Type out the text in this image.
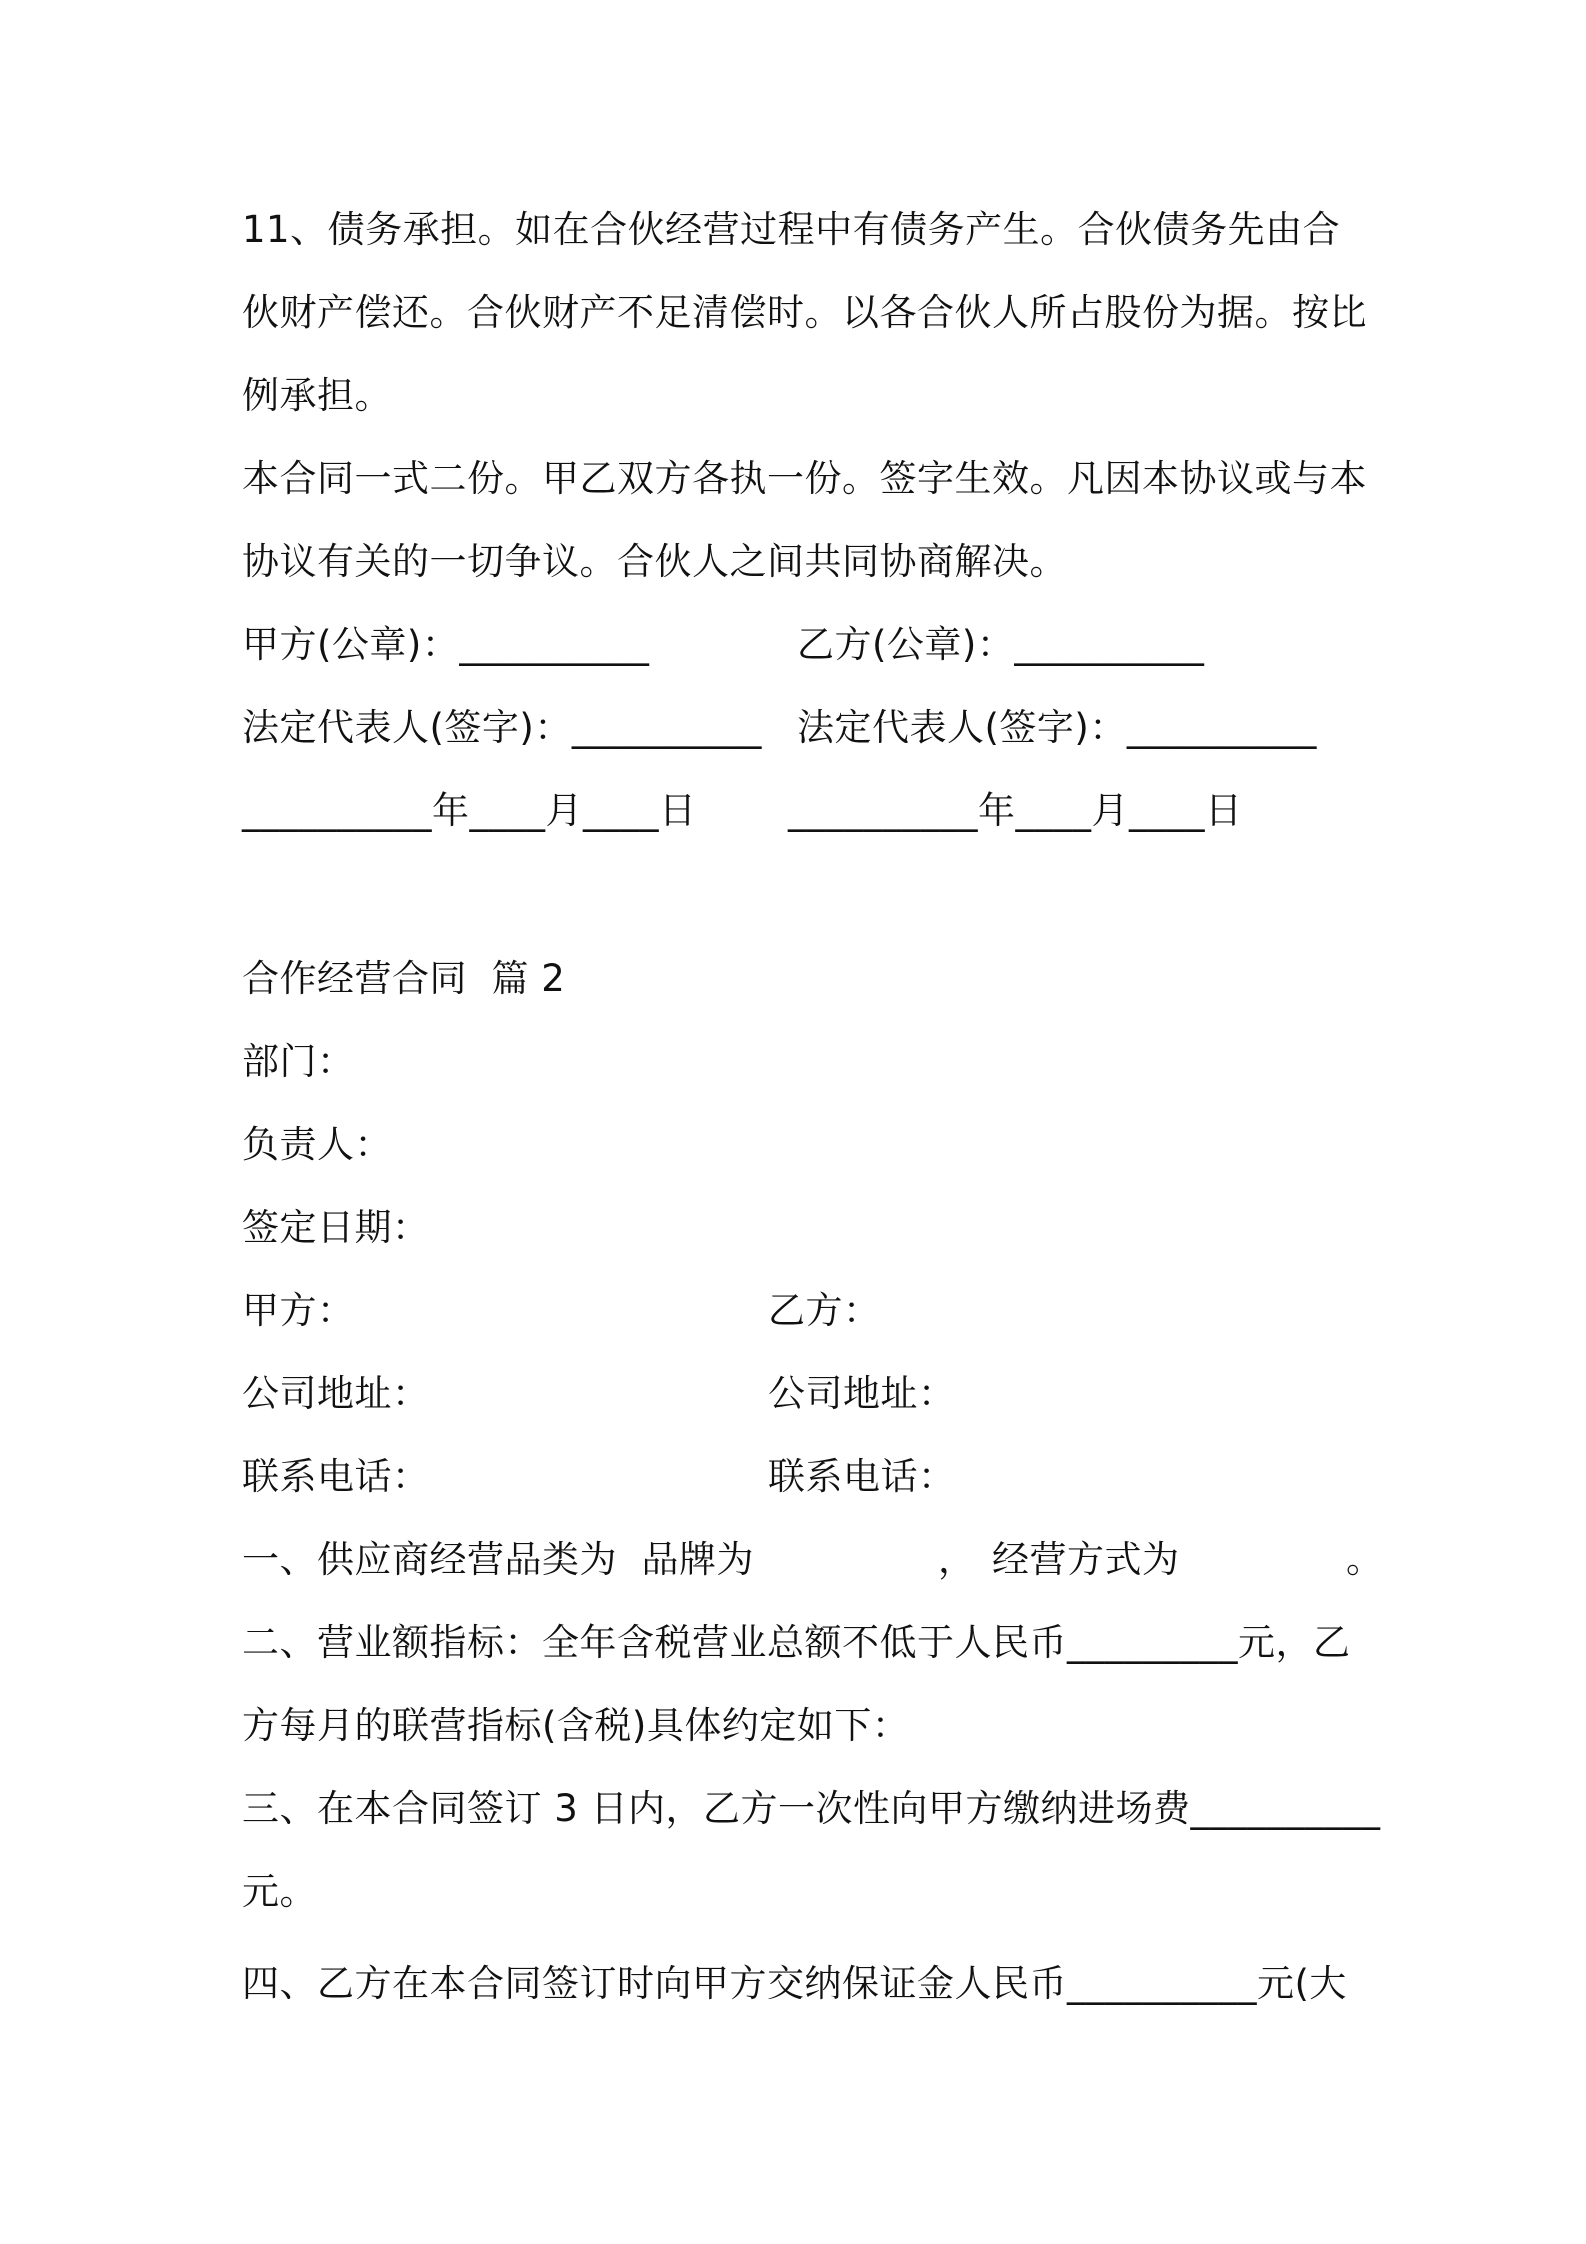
11、债务承担。如在合伙经营过程中有债务产生。合伙债务先由合
伙财产偿还。合伙财产不足清偿时。以各合伙人所占股份为据。按比
例承担。
本合同一式二份。甲乙双方各执一份。签字生效。凡因本协议或与本
协议有关的一切争议。合伙人之间共同协商解决。
甲方(公章)：__________	乙方(公章)：__________
法定代表人(签字)：__________ 法定代表人(签字)：__________
__________年____月____日 __________年____月____日
合作经营合同  篇 2
部门：
负责人：
签定日期：
甲方：	乙方：
公司地址：	公司地址：
联系电话：	联系电话：
一、供应商经营品类为  品牌为	， 经营方式为	。
二、营业额指标：全年含税营业总额不低于人民币_________元，乙
方每月的联营指标(含税)具体约定如下：
三、在本合同签订 3 日内，乙方一次性向甲方缴纳进场费__________
元。
四、乙方在本合同签订时向甲方交纳保证金人民币__________元(大
